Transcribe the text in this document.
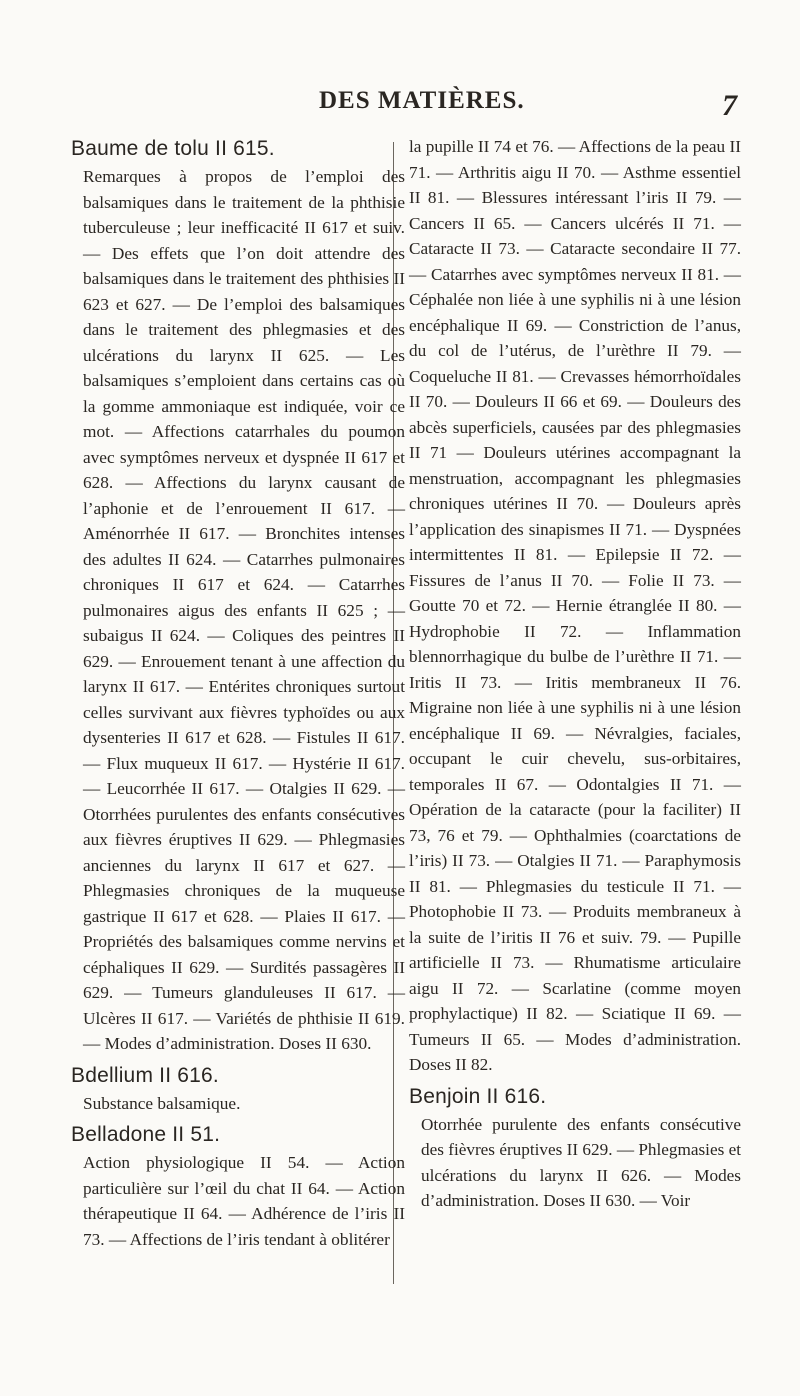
DES MATIÈRES.	7

Baume de tolu II 615.

Remarques à propos de l’emploi des balsamiques dans le traitement de la phthisie tuberculeuse ; leur inefficacité II 617 et suiv. — Des effets que l’on doit attendre des balsamiques dans le traitement des phthisies II 623 et 627. — De l’emploi des balsamiques dans le traitement des phlegmasies et des ulcérations du larynx II 625. — Les balsamiques s’emploient dans certains cas où la gomme ammoniaque est indiquée, voir ce mot. — Affections catarrhales du poumon avec symptômes nerveux et dyspnée II 617 et 628. — Affections du larynx causant de l’aphonie et de l’enrouement II 617. — Aménorrhée II 617. — Bronchites intenses des adultes II 624. — Catarrhes pulmonaires chroniques II 617 et 624. — Catarrhes pulmonaires aigus des enfants II 625 ; — subaigus II 624. — Coliques des peintres II 629. — Enrouement tenant à une affection du larynx II 617. — Entérites chroniques surtout celles survivant aux fièvres typhoïdes ou aux dysenteries II 617 et 628. — Fistules II 617. — Flux muqueux II 617. — Hystérie II 617. — Leucorrhée II 617. — Otalgies II 629. — Otorrhées purulentes des enfants consécutives aux fièvres éruptives II 629. — Phlegmasies anciennes du larynx II 617 et 627. — Phlegmasies chroniques de la muqueuse gastrique II 617 et 628. — Plaies II 617. — Propriétés des balsamiques comme nervins et céphaliques II 629. — Surdités passagères II 629. — Tumeurs glanduleuses II 617. — Ulcères II 617. — Variétés de phthisie II 619. — Modes d’administration. Doses II 630.

Bdellium II 616.

Substance balsamique.

Belladone II 51.

Action physiologique II 54. — Action particulière sur l’œil du chat II 64. — Action thérapeutique II 64. — Adhérence de l’iris II 73. — Affections de l’iris tendant à oblitérer

la pupille II 74 et 76. — Affections de la peau II 71. — Arthritis aigu II 70. — Asthme essentiel II 81. — Blessures intéressant l’iris II 79. — Cancers II 65. — Cancers ulcérés II 71. — Cataracte II 73. — Cataracte secondaire II 77. — Catarrhes avec symptômes nerveux II 81. — Céphalée non liée à une syphilis ni à une lésion encéphalique II 69. — Constriction de l’anus, du col de l’utérus, de l’urèthre II 79. — Coqueluche II 81. — Crevasses hémorrhoïdales II 70. — Douleurs II 66 et 69. — Douleurs des abcès superficiels, causées par des phlegmasies II 71 — Douleurs utérines accompagnant la menstruation, accompagnant les phlegmasies chroniques utérines II 70. — Douleurs après l’application des sinapismes II 71. — Dyspnées intermittentes II 81. — Epilepsie II 72. — Fissures de l’anus II 70. — Folie II 73. — Goutte 70 et 72. — Hernie étranglée II 80. — Hydrophobie II 72. — Inflammation blennorrhagique du bulbe de l’urèthre II 71. — Iritis II 73. — Iritis membraneux II 76. Migraine non liée à une syphilis ni à une lésion encéphalique II 69. — Névralgies, faciales, occupant le cuir chevelu, sus-orbitaires, temporales II 67. — Odontalgies II 71. — Opération de la cataracte (pour la faciliter) II 73, 76 et 79. — Ophthalmies (coarctations de l’iris) II 73. — Otalgies II 71. — Paraphymosis II 81. — Phlegmasies du testicule II 71. — Photophobie II 73. — Produits membraneux à la suite de l’iritis II 76 et suiv. 79. — Pupille artificielle II 73. — Rhumatisme articulaire aigu II 72. — Scarlatine (comme moyen prophylactique) II 82. — Sciatique II 69. — Tumeurs II 65. — Modes d’administration. Doses II 82.

Benjoin II 616.

Otorrhée purulente des enfants consécutive des fièvres éruptives II 629. — Phlegmasies et ulcérations du larynx II 626. — Modes d’administration. Doses II 630. — Voir
